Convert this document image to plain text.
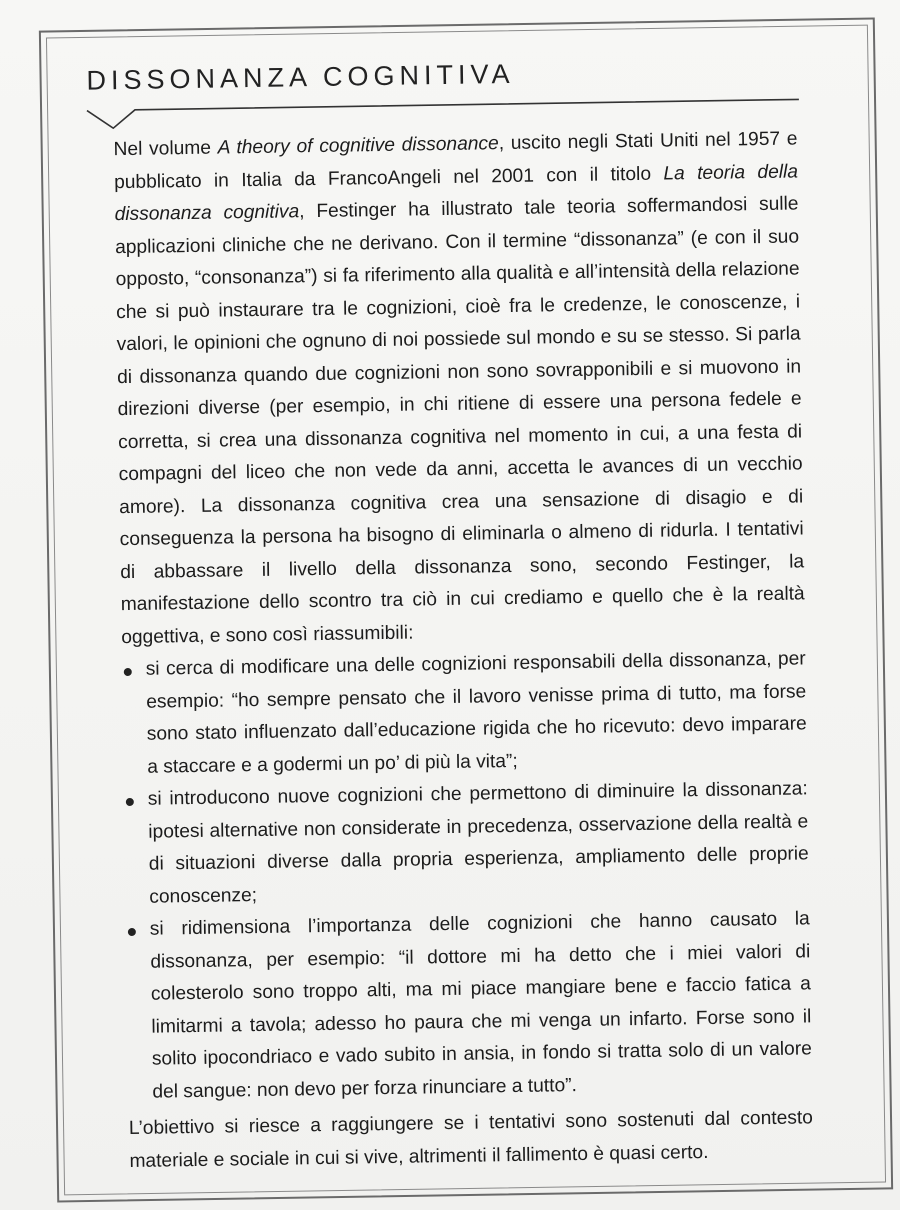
DISSONANZA COGNITIVA

Nel volume A theory of cognitive dissonance, uscito negli Stati Uniti nel 1957 e pubblicato in Italia da FrancoAngeli nel 2001 con il titolo La teoria della dissonanza cognitiva, Festinger ha illustrato tale teoria soffermandosi sulle applicazioni cliniche che ne derivano. Con il termine “dissonanza” (e con il suo opposto, “consonanza”) si fa riferimento alla qualità e all’intensità della relazione che si può instaurare tra le cognizioni, cioè fra le credenze, le conoscenze, i valori, le opinioni che ognuno di noi possiede sul mondo e su se stesso. Si parla di dissonanza quando due cognizioni non sono sovrapponibili e si muovono in direzioni diverse (per esempio, in chi ritiene di essere una persona fedele e corretta, si crea una dissonanza cognitiva nel momento in cui, a una festa di compagni del liceo che non vede da anni, accetta le avances di un vecchio amore). La dissonanza cognitiva crea una sensazione di disagio e di conseguenza la persona ha bisogno di eliminarla o almeno di ridurla. I tentativi di abbassare il livello della dissonanza sono, secondo Festinger, la manifestazione dello scontro tra ciò in cui crediamo e quello che è la realtà oggettiva, e sono così riassumibili:

si cerca di modificare una delle cognizioni responsabili della dissonanza, per esempio: “ho sempre pensato che il lavoro venisse prima di tutto, ma forse sono stato influenzato dall’educazione rigida che ho ricevuto: devo imparare a staccare e a godermi un po’ di più la vita”;
si introducono nuove cognizioni che permettono di diminuire la dissonanza: ipotesi alternative non considerate in precedenza, osservazione della realtà e di situazioni diverse dalla propria esperienza, ampliamento delle proprie conoscenze;
si ridimensiona l’importanza delle cognizioni che hanno causato la dissonanza, per esempio: “il dottore mi ha detto che i miei valori di colesterolo sono troppo alti, ma mi piace mangiare bene e faccio fatica a limitarmi a tavola; adesso ho paura che mi venga un infarto. Forse sono il solito ipocondriaco e vado subito in ansia, in fondo si tratta solo di un valore del sangue: non devo per forza rinunciare a tutto”.

L’obiettivo si riesce a raggiungere se i tentativi sono sostenuti dal contesto materiale e sociale in cui si vive, altrimenti il fallimento è quasi certo.
